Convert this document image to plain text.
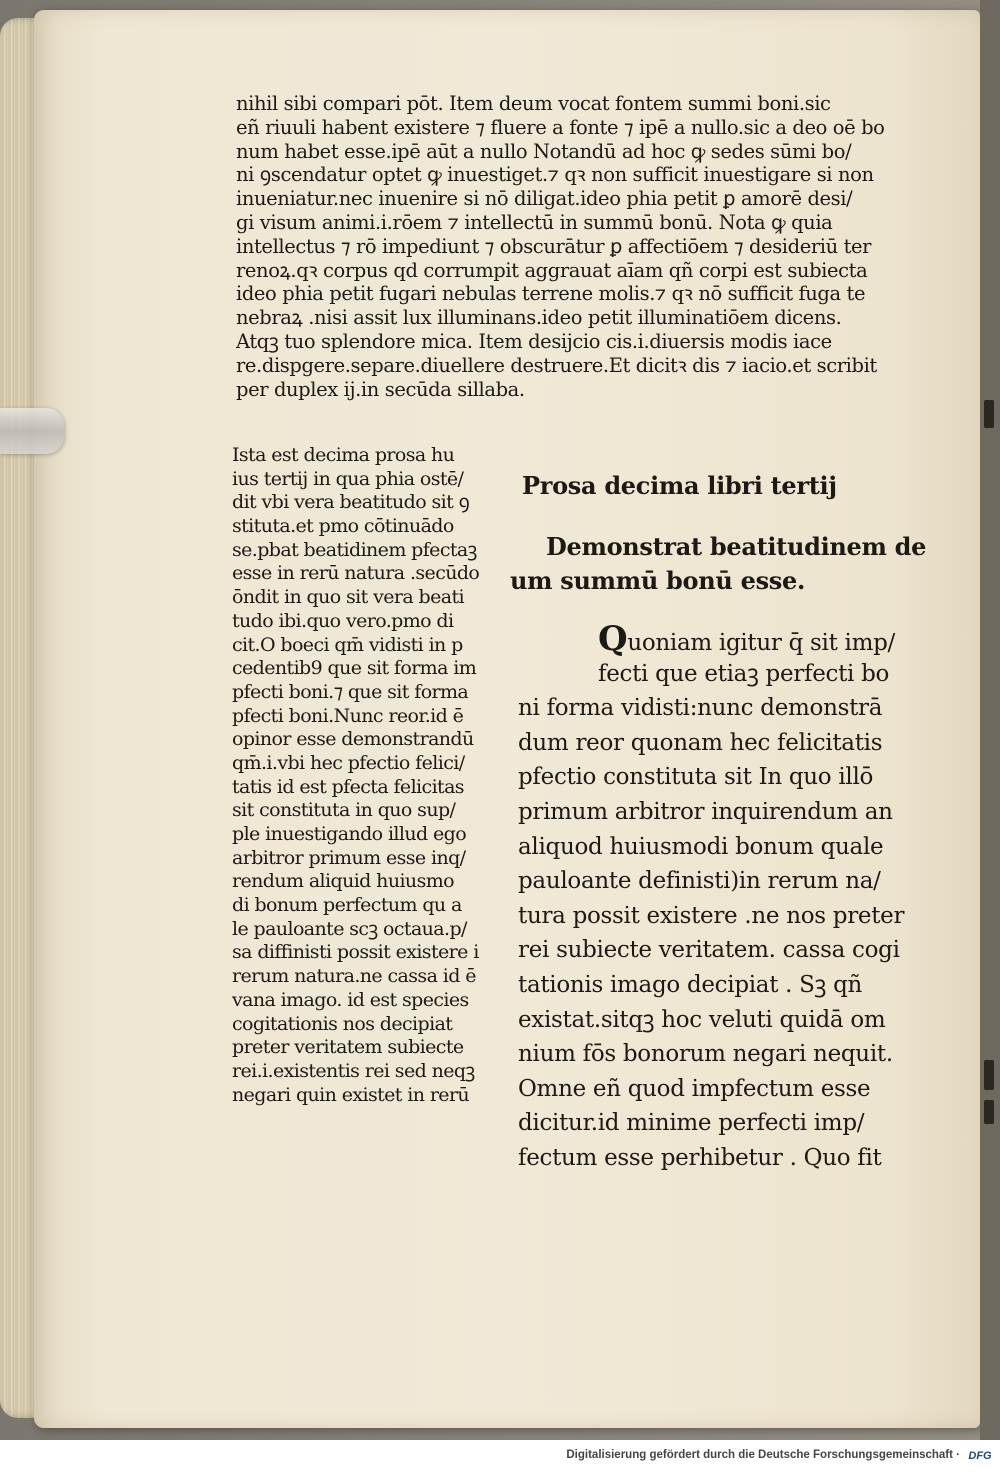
nihil sibi compari pōt. Item deum vocat fontem summi boni.sic
eñ riuuli habent existere ⁊ fluere a fonte ⁊ ipē a nullo.sic a deo oē bo
num habet esse.ipē aūt a nullo Notandū ad hoc ꝙ sedes sūmi bo/
ni ꝯscendatur optet ꝙ inuestiget.⁊ qꝛ non sufficit inuestigare si non
inueniatur.nec inuenire si nō diligat.ideo phia petit ꝑ amorē desi/
gi visum animi.i.rōem ⁊ intellectū in summū bonū. Nota ꝙ quia
intellectus ⁊ rō impediunt ⁊ obscurātur ꝑ affectiōem ⁊ desideriū ter
renoꝝ.qꝛ corpus qd corrumpit aggrauat aīam qñ corpi est subiecta
ideo phia petit fugari nebulas terrene molis.⁊ qꝛ nō sufficit fuga te
nebraꝝ .nisi assit lux illuminans.ideo petit illuminatiōem dicens.
Atqꝫ tuo splendore mica. Item desijcio cis.i.diuersis modis iace
re.dispgere.separe.diuellere destruere.Et dicitꝛ dis ⁊ iacio.et scribit
per duplex ij.in secūda sillaba.
Ista est decima prosa hu
ius tertij in qua phia ostē/
dit vbi vera beatitudo sit ꝯ
stituta.et pmo cōtinuādo
se.pbat beatidinem pfectaꝫ
esse in rerū natura .secūdo
ōndit in quo sit vera beati
tudo ibi.quo vero.pmo di
cit.O boeci qm̄ vidisti in p
cedentib9 que sit forma im
pfecti boni.⁊ que sit forma
pfecti boni.Nunc reor.id ē
opinor esse demonstrandū
qm̄.i.vbi hec pfectio felici/
tatis id est pfecta felicitas
sit constituta in quo sup/
ple inuestigando illud ego
arbitror primum esse inq/
rendum aliquid huiusmo
di bonum perfectum qu a
le pauloante scꝫ octaua.p/
sa diffinisti possit existere i
rerum natura.ne cassa id ē
vana imago. id est species
cogitationis nos decipiat
preter veritatem subiecte
rei.i.existentis rei sed neqꝫ
negari quin existet in rerū
Prosa decima libri tertij
Demonstrat beatitudinem de
um summū bonū esse.
Quoniam igitur q̄ sit imp/
fecti que etiaꝫ perfecti bo
ni forma vidisti:nunc demonstrā
dum reor quonam hec felicitatis
pfectio constituta sit In quo illō
primum arbitror inquirendum an
aliquod huiusmodi bonum quale
pauloante definisti)in rerum na/
tura possit existere .ne nos preter
rei subiecte veritatem. cassa cogi
tationis imago decipiat . Sꝫ qñ
existat.sitqꝫ hoc veluti quidā om
nium fōs bonorum negari nequit.
Omne eñ quod impfectum esse
dicitur.id minime perfecti imp/
fectum esse perhibetur . Quo fit
Digitalisierung gefördert durch die Deutsche Forschungsgemeinschaft · DFG
